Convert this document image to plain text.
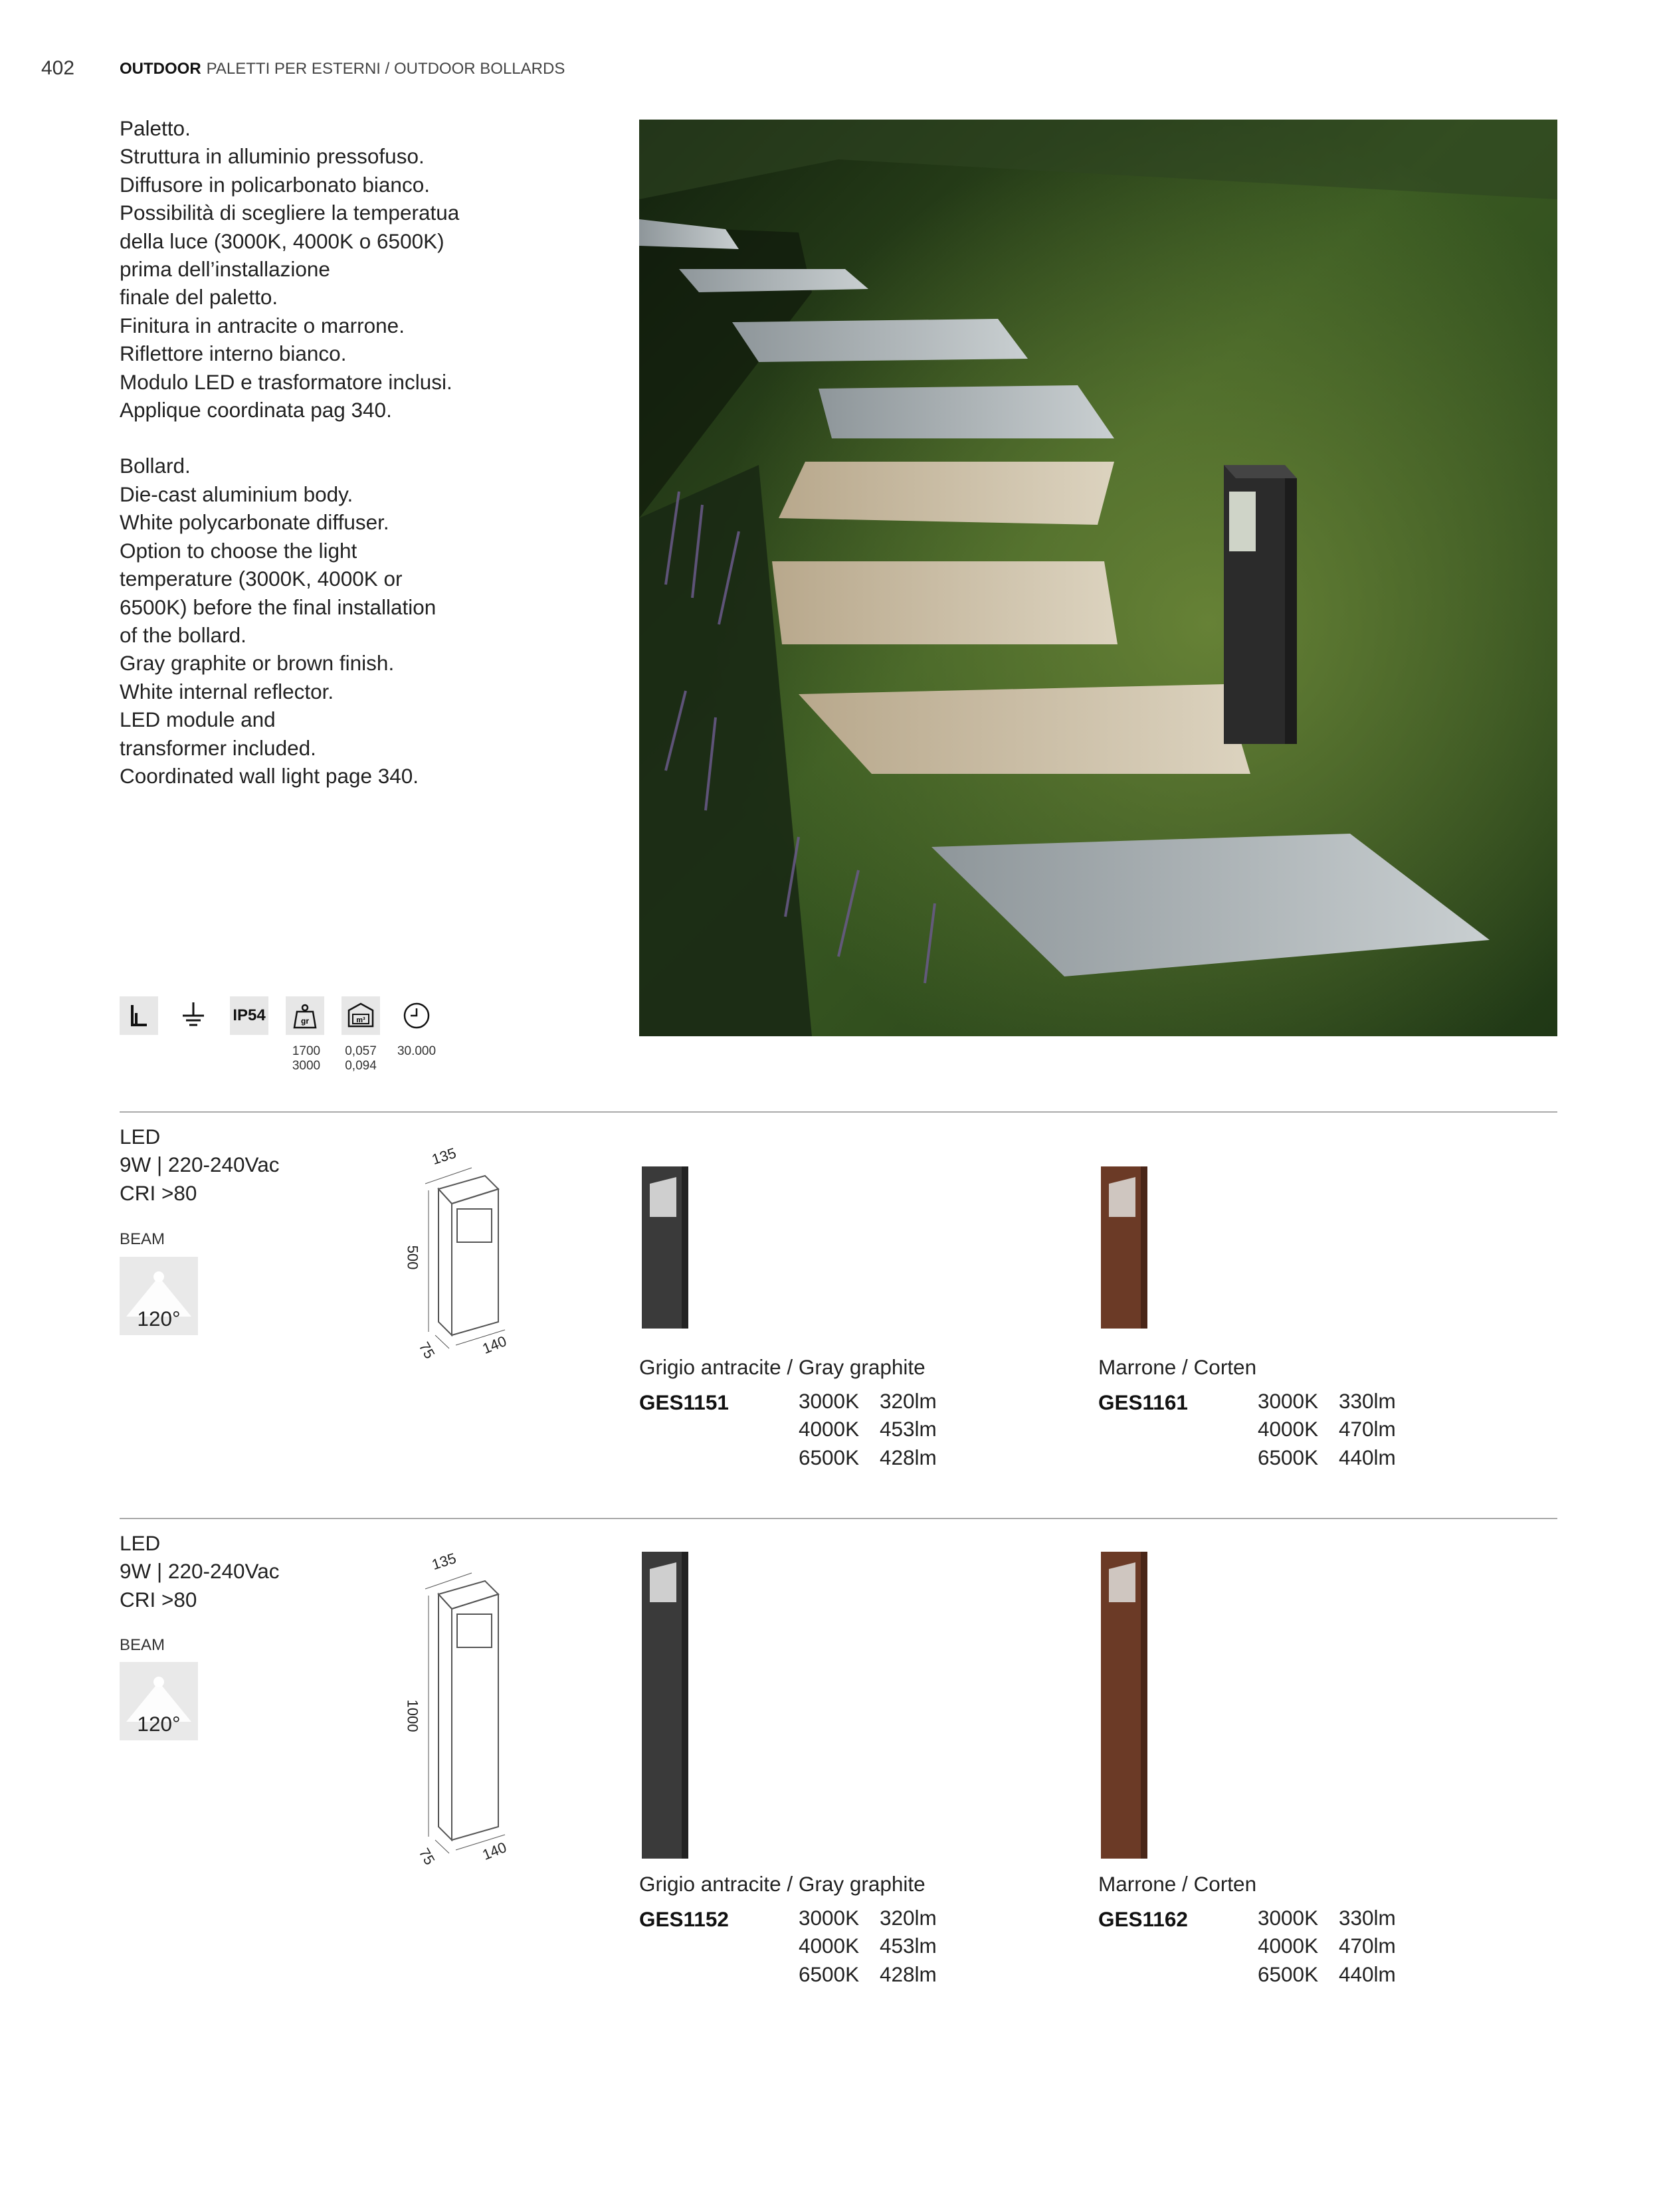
402	OUTDOOR PALETTI PER ESTERNI / OUTDOOR BOLLARDS
Paletto.
Struttura in alluminio pressofuso.
Diffusore in policarbonato bianco.
Possibilità di scegliere la temperatua
della luce (3000K, 4000K o 6500K)
prima dell’installazione
finale del paletto.
Finitura in antracite o marrone.
Riflettore interno bianco.
Modulo LED e trasformatore inclusi.
Applique coordinata pag 340.
Bollard.
Die-cast aluminium body.
White polycarbonate diffuser.
Option to choose the light
temperature (3000K, 4000K or
6500K) before the final installation
of the bollard.
Gray graphite or brown finish.
White internal reflector.
LED module and
transformer included.
Coordinated wall light page 340.
IP54	gr	m³
1700
3000
0,057
0,094
30.000
LED
9W | 220-240Vac
CRI >80
BEAM
120°
135
500
75	140
Grigio antracite / Gray graphite
GES1151	3000K 320lm
4000K 453lm
6500K 428lm
Marrone / Corten
GES1161	3000K 330lm
4000K 470lm
6500K 440lm
LED
9W | 220-240Vac
CRI >80
BEAM
120°
135
1000
75	140
Grigio antracite / Gray graphite
GES1152	3000K 320lm
4000K 453lm
6500K 428lm
Marrone / Corten
GES1162	3000K 330lm
4000K 470lm
6500K 440lm
